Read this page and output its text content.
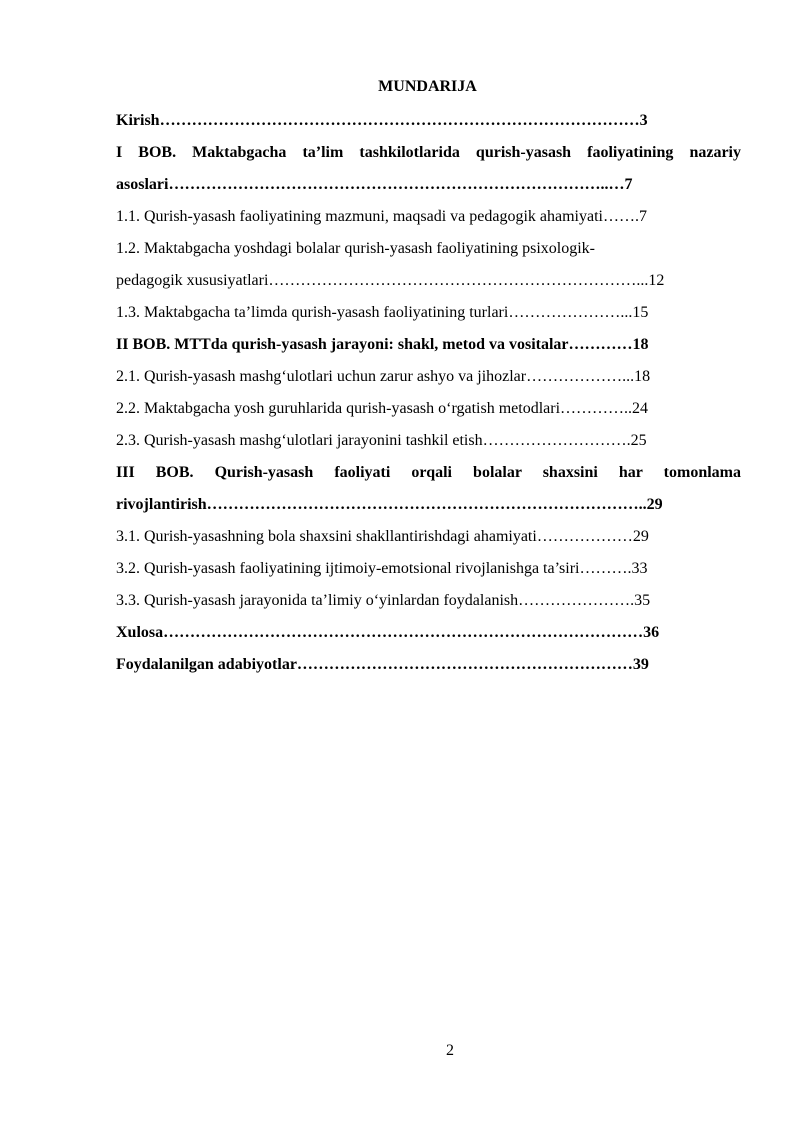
MUNDARIJA
Kirish………………………………………………………………………………3
I BOB. Maktabgacha ta’lim tashkilotlarida qurish-yasash faoliyatining nazariy
asoslari………………………………………………………………………..…7
1.1. Qurish-yasash faoliyatining mazmuni, maqsadi va pedagogik ahamiyati…….7
1.2. Maktabgacha yoshdagi bolalar qurish-yasash faoliyatining psixologik-
pedagogik xususiyatlari……………………………………………………………...12
1.3. Maktabgacha ta’limda qurish-yasash faoliyatining turlari…………………...15
II BOB. MTTda qurish-yasash jarayoni: shakl, metod va vositalar…………18
2.1. Qurish-yasash mashg‘ulotlari uchun zarur ashyo va jihozlar………………...18
2.2. Maktabgacha yosh guruhlarida qurish-yasash o‘rgatish metodlari…………..24
2.3. Qurish-yasash mashg‘ulotlari jarayonini tashkil etish……………………….25
III BOB. Qurish-yasash faoliyati orqali bolalar shaxsini har tomonlama
rivojlantirish………………………………………………………………………..29
3.1. Qurish-yasashning bola shaxsini shakllantirishdagi ahamiyati………………29
3.2. Qurish-yasash faoliyatining ijtimoiy-emotsional rivojlanishga ta’siri……….33
3.3. Qurish-yasash jarayonida ta’limiy o‘yinlardan foydalanish………………….35
Xulosa………………………………………………………………………………36
Foydalanilgan adabiyotlar………………………………………………………39
2
